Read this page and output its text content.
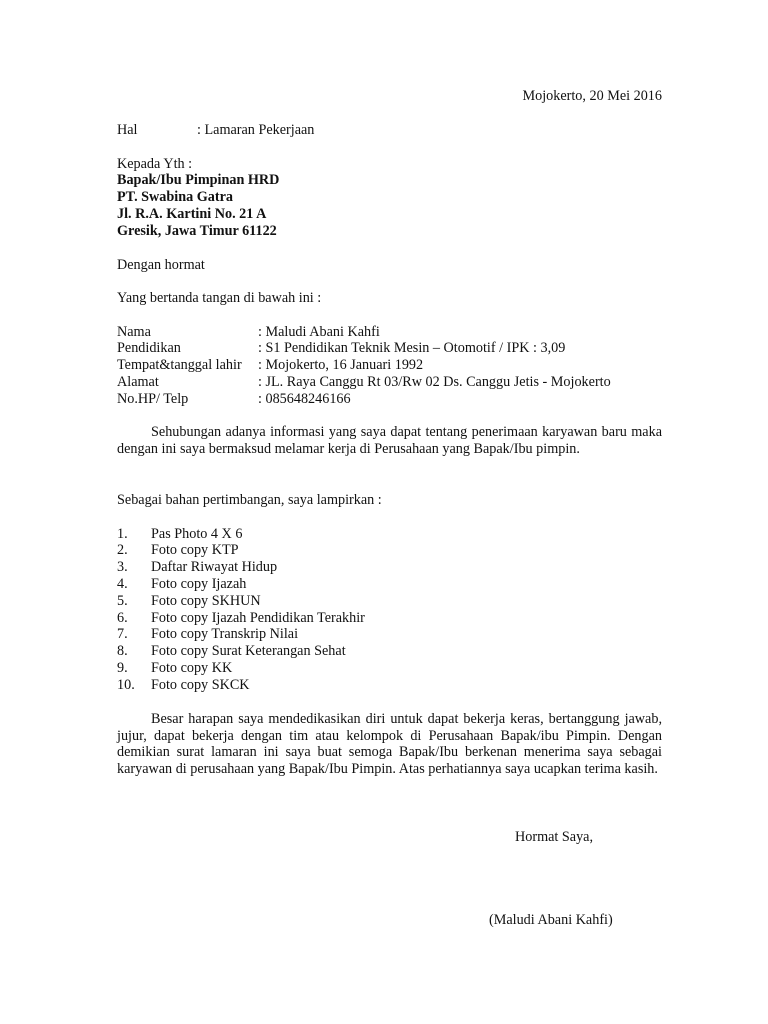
Mojokerto, 20 Mei 2016
Hal	: Lamaran Pekerjaan
Kepada Yth :
Bapak/Ibu Pimpinan HRD
PT. Swabina Gatra
Jl. R.A. Kartini No. 21 A
Gresik, Jawa Timur 61122
Dengan hormat
Yang bertanda tangan di bawah ini :
Nama	: Maludi Abani Kahfi
Pendidikan	: S1 Pendidikan Teknik Mesin – Otomotif / IPK : 3,09
Tempat&tanggal lahir : Mojokerto, 16 Januari 1992
Alamat	: JL. Raya Canggu Rt 03/Rw 02 Ds. Canggu Jetis - Mojokerto
No.HP/ Telp	: 085648246166
Sehubungan adanya informasi yang saya dapat tentang penerimaan karyawan baru maka dengan ini saya bermaksud melamar kerja di Perusahaan yang Bapak/Ibu pimpin.
Sebagai bahan pertimbangan, saya lampirkan :
1. Pas Photo 4 X 6
2. Foto copy KTP
3. Daftar Riwayat Hidup
4. Foto copy Ijazah
5. Foto copy SKHUN
6. Foto copy Ijazah Pendidikan Terakhir
7. Foto copy Transkrip Nilai
8. Foto copy Surat Keterangan Sehat
9. Foto copy KK
10. Foto copy SKCK
Besar harapan saya mendedikasikan diri untuk dapat bekerja keras, bertanggung jawab, jujur, dapat bekerja dengan tim atau kelompok di Perusahaan Bapak/ibu Pimpin. Dengan demikian surat lamaran ini saya buat semoga Bapak/Ibu berkenan menerima saya sebagai karyawan di perusahaan yang Bapak/Ibu Pimpin. Atas perhatiannya saya ucapkan terima kasih.
Hormat Saya,
(Maludi Abani Kahfi)
